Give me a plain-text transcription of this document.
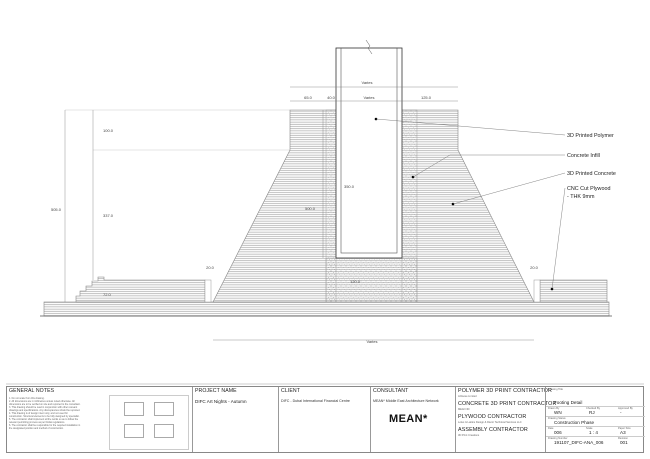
Varies
65.0	40.0	Varies	125.0
Varies
505.0
100.0
337.0
72.0
350.0
500.0
120.0
20.0	20.0
3D Printed Polymer
Concrete Infill
3D Printed Concrete
CNC Cut Plywood
- THK 9mm
GENERAL NOTES
1. Do not scale from this drawing.
2. All dimensions are in millimetres unless noted otherwise. All
dimensions are to be verified on site and reported to the consultant.
3. This drawing should be read in conjunction with other relevant
drawings and specifications. Any discrepancies should be reported.
4. This drawing is of design intent only, and not used for
construction. Structural elements to be fully designed by specialist.
5. The contractor shall implement all the works so as to follow the
relevant permitting process as per Dubai regulations.
6. The contractor shall be responsible for the required installation in
the designated position and method of construction.
PROJECT NAME
DIFC Art Nights - Autumn
CLIENT
DIFC - Dubai International Financial Centre
CONSULTANT
MEAN* Middle East Architecture Network
MEAN*
POLYMER 3D PRINT CONTRACTOR
Artloose Limited
CONCRETE 3D PRINT CONTRACTOR
MEAN 3D
PLYWOOD CONTRACTOR
Lotus & Lattice Design & Décor Technical Services LLC
ASSEMBLY CONTRACTOR
3D Print Creations
Drawing Title
Footing Detail
Drawn By
WN
Checked By
RJ
Approved By
-
Drawing Status
Construction Phase
Date
006
Scale
1 : 4
Paper Size
A3
Drawing Number
191107_DIFC-ANA_006
Revision
001
